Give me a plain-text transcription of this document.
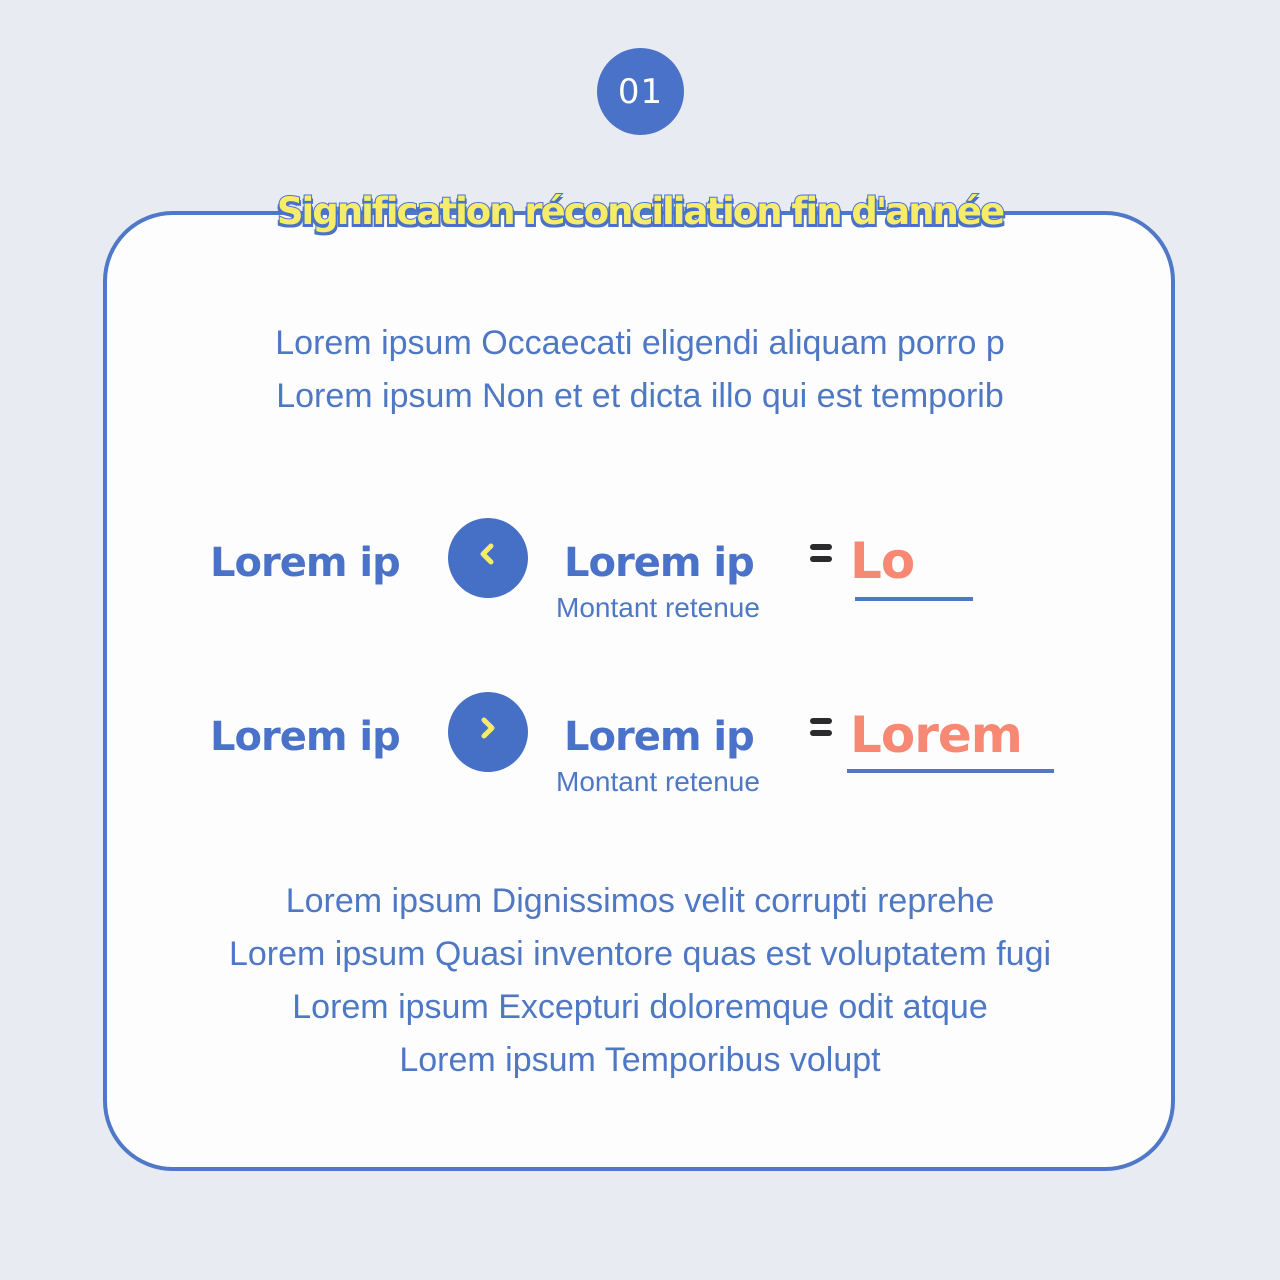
01
Signification réconciliation fin d'année
Lorem ipsum Occaecati eligendi aliquam porro p
Lorem ipsum Non et et dicta illo qui est temporib
Lorem ip	Lorem ip
Montant retenue
Lo
Lorem ip	Lorem ip
Montant retenue
Lorem
Lorem ipsum Dignissimos velit corrupti reprehe
Lorem ipsum Quasi inventore quas est voluptatem fugi
Lorem ipsum Excepturi doloremque odit atque
Lorem ipsum Temporibus volupt
